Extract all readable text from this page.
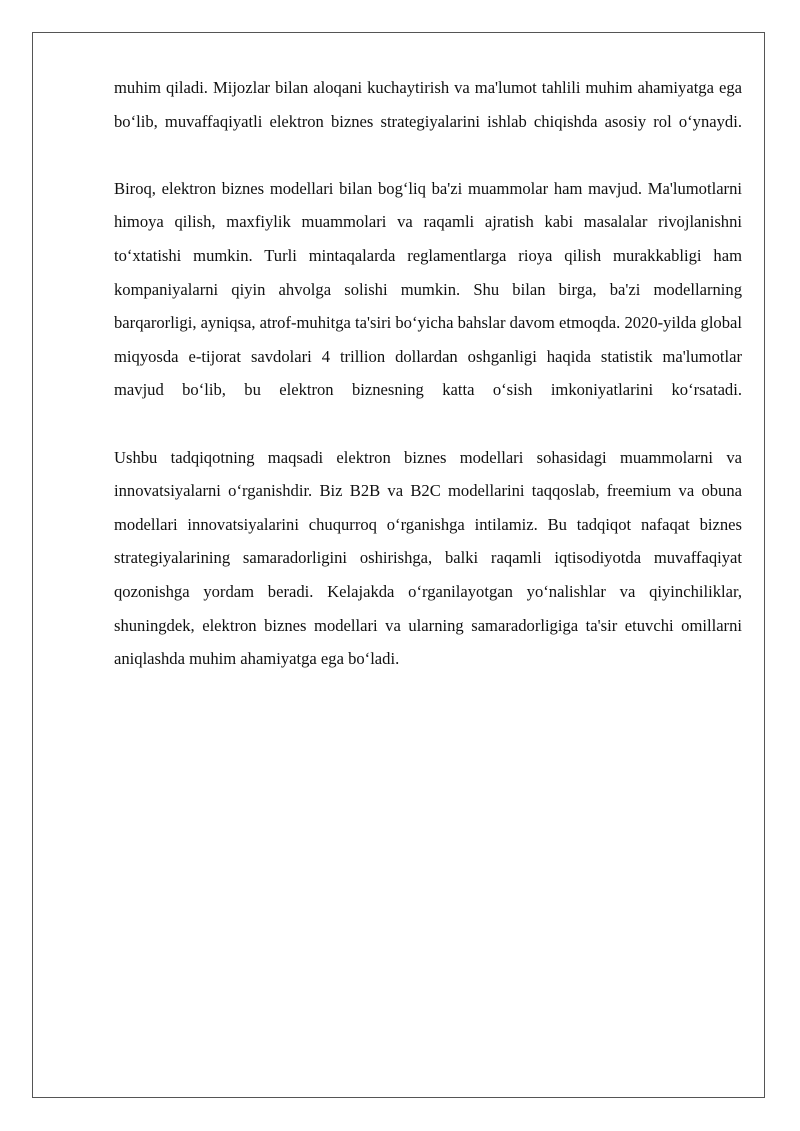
muhim qiladi. Mijozlar bilan aloqani kuchaytirish va ma'lumot tahlili muhim ahamiyatga ega bo‘lib, muvaffaqiyatli elektron biznes strategiyalarini ishlab chiqishda asosiy rol o‘ynaydi.

Biroq, elektron biznes modellari bilan bog‘liq ba'zi muammolar ham mavjud. Ma'lumotlarni himoya qilish, maxfiylik muammolari va raqamli ajratish kabi masalalar rivojlanishni to‘xtatishi mumkin. Turli mintaqalarda reglamentlarga rioya qilish murakkabligi ham kompaniyalarni qiyin ahvolga solishi mumkin. Shu bilan birga, ba'zi modellarning barqarorligi, ayniqsa, atrof-muhitga ta'siri bo‘yicha bahslar davom etmoqda. 2020-yilda global miqyosda e-tijorat savdolari 4 trillion dollardan oshganligi haqida statistik ma'lumotlar mavjud bo‘lib, bu elektron biznesning katta o‘sish imkoniyatlarini ko‘rsatadi.

Ushbu tadqiqotning maqsadi elektron biznes modellari sohasidagi muammolarni va innovatsiyalarni o‘rganishdir. Biz B2B va B2C modellarini taqqoslab, freemium va obuna modellari innovatsiyalarini chuqurroq o‘rganishga intilamiz. Bu tadqiqot nafaqat biznes strategiyalarining samaradorligini oshirishga, balki raqamli iqtisodiyotda muvaffaqiyat qozonishga yordam beradi. Kelajakda o‘rganilayotgan yo‘nalishlar va qiyinchiliklar, shuningdek, elektron biznes modellari va ularning samaradorligiga ta'sir etuvchi omillarni aniqlashda muhim ahamiyatga ega bo‘ladi.
